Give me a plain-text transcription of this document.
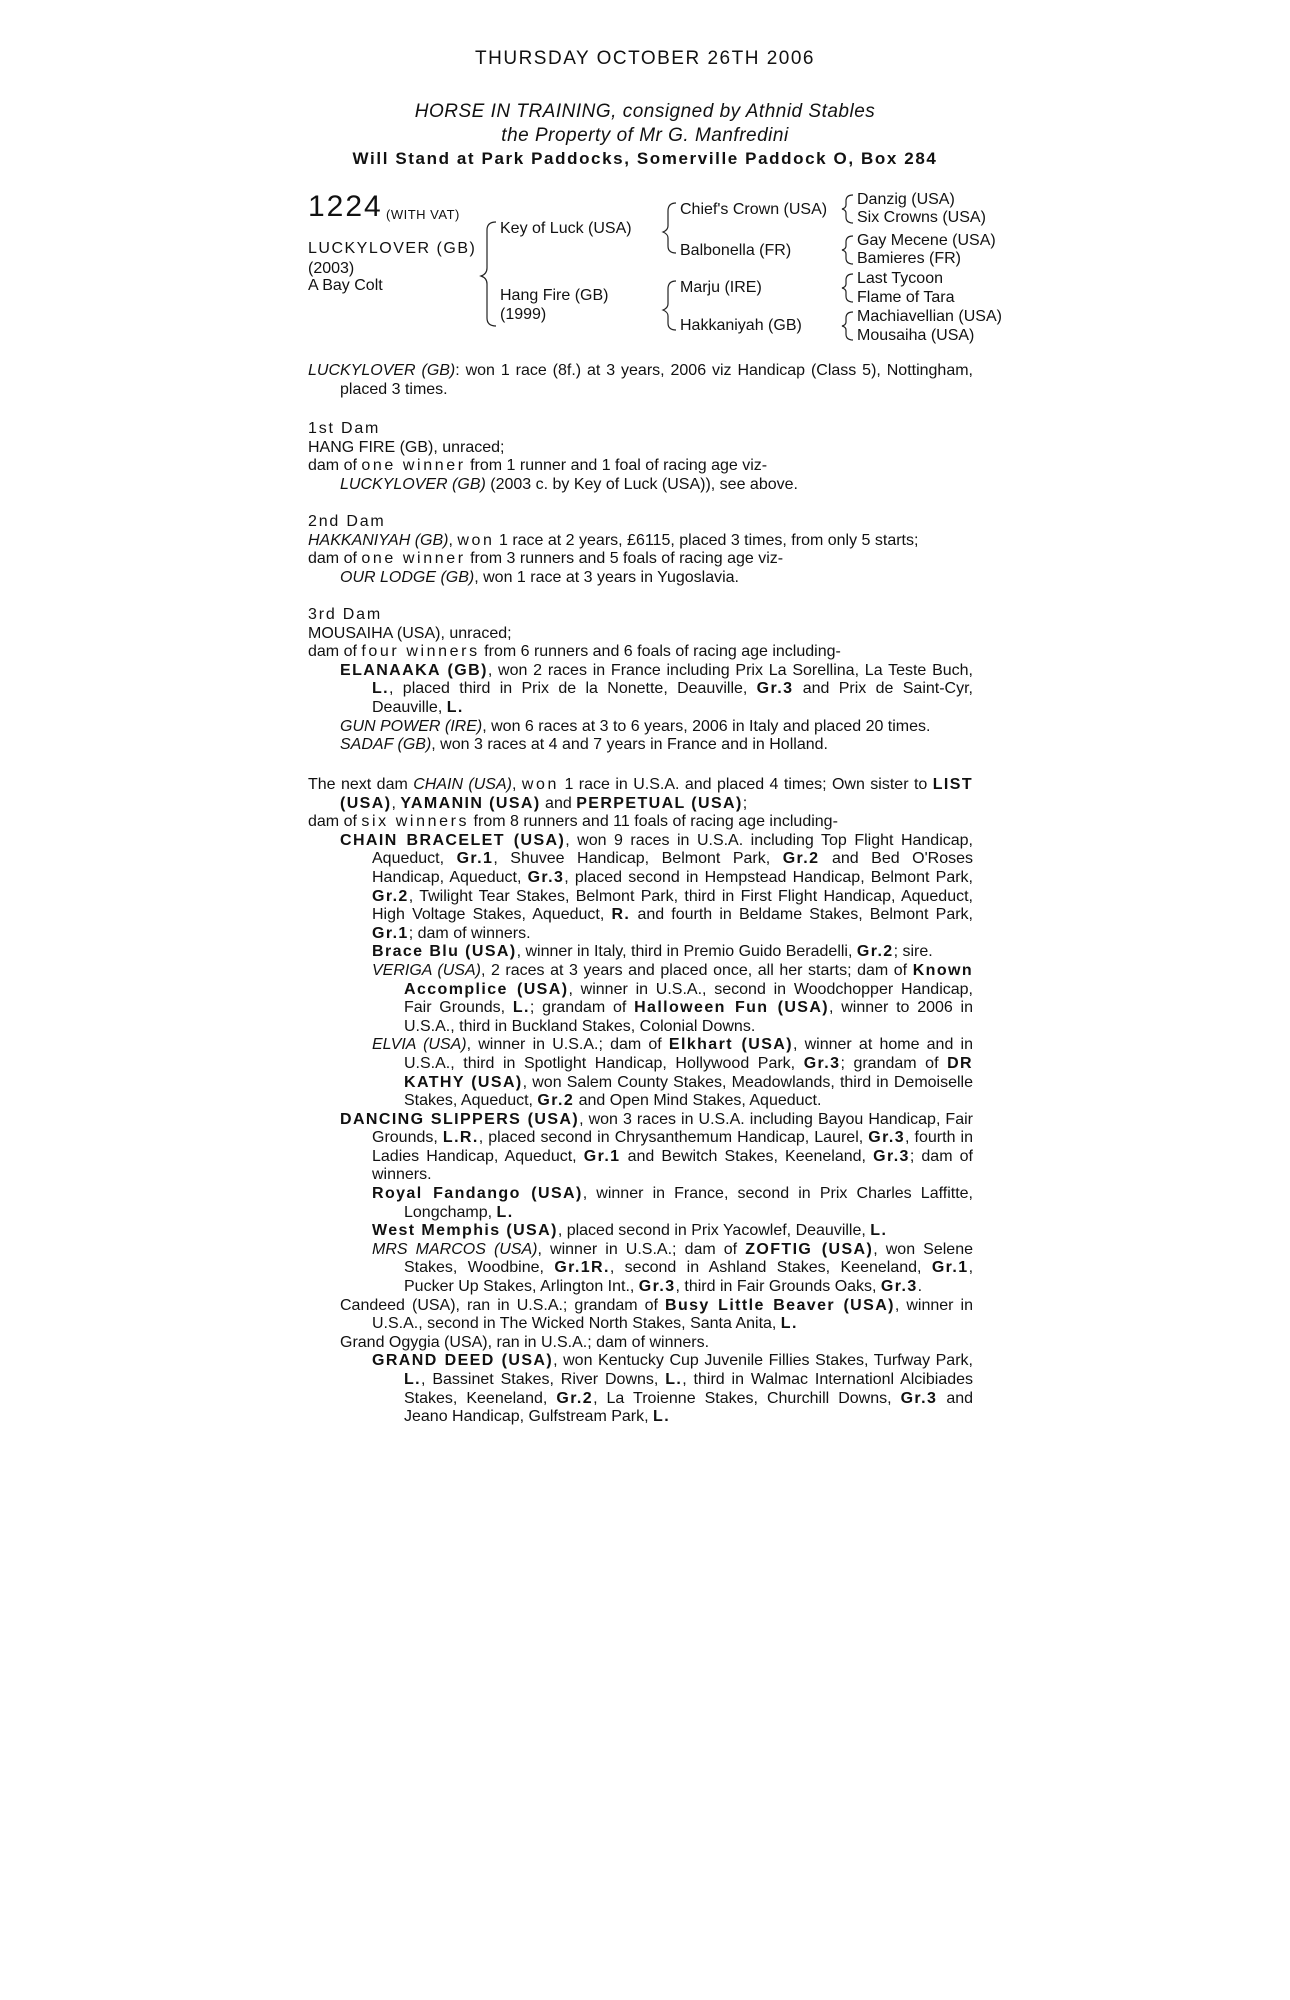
THURSDAY OCTOBER 26TH 2006
HORSE IN TRAINING, consigned by Athnid Stables
the Property of Mr G. Manfredini
Will Stand at Park Paddocks, Somerville Paddock O, Box 284
1224 (WITH VAT)
LUCKYLOVER (GB)
(2003)
A Bay Colt
Key of Luck (USA)
Hang Fire (GB)
(1999)
Chief's Crown (USA)
Balbonella (FR)
Marju (IRE)
Hakkaniyah (GB)
Danzig (USA)
Six Crowns (USA)
Gay Mecene (USA)
Bamieres (FR)
Last Tycoon
Flame of Tara
Machiavellian (USA)
Mousaiha (USA)

LUCKYLOVER (GB): won 1 race (8f.) at 3 years, 2006 viz Handicap (Class 5), Nottingham, placed 3 times.

1st Dam

HANG FIRE (GB), unraced;

dam of one winner from 1 runner and 1 foal of racing age viz-

LUCKYLOVER (GB) (2003 c. by Key of Luck (USA)), see above.

2nd Dam

HAKKANIYAH (GB), won 1 race at 2 years, £6115, placed 3 times, from only 5 starts;

dam of one winner from 3 runners and 5 foals of racing age viz-

OUR LODGE (GB), won 1 race at 3 years in Yugoslavia.

3rd Dam

MOUSAIHA (USA), unraced;

dam of four winners from 6 runners and 6 foals of racing age including-

ELANAAKA (GB), won 2 races in France including Prix La Sorellina, La Teste Buch, L., placed third in Prix de la Nonette, Deauville, Gr.3 and Prix de Saint-Cyr, Deauville, L.

GUN POWER (IRE), won 6 races at 3 to 6 years, 2006 in Italy and placed 20 times.

SADAF (GB), won 3 races at 4 and 7 years in France and in Holland.

The next dam CHAIN (USA), won 1 race in U.S.A. and placed 4 times; Own sister to LIST (USA), YAMANIN (USA) and PERPETUAL (USA);

dam of six winners from 8 runners and 11 foals of racing age including-

CHAIN BRACELET (USA), won 9 races in U.S.A. including Top Flight Handicap, Aqueduct, Gr.1, Shuvee Handicap, Belmont Park, Gr.2 and Bed O'Roses Handicap, Aqueduct, Gr.3, placed second in Hempstead Handicap, Belmont Park, Gr.2, Twilight Tear Stakes, Belmont Park, third in First Flight Handicap, Aqueduct, High Voltage Stakes, Aqueduct, R. and fourth in Beldame Stakes, Belmont Park, Gr.1; dam of winners.

Brace Blu (USA), winner in Italy, third in Premio Guido Beradelli, Gr.2; sire.

VERIGA (USA), 2 races at 3 years and placed once, all her starts; dam of Known Accomplice (USA), winner in U.S.A., second in Woodchopper Handicap, Fair Grounds, L.; grandam of Halloween Fun (USA), winner to 2006 in U.S.A., third in Buckland Stakes, Colonial Downs.

ELVIA (USA), winner in U.S.A.; dam of Elkhart (USA), winner at home and in U.S.A., third in Spotlight Handicap, Hollywood Park, Gr.3; grandam of DR KATHY (USA), won Salem County Stakes, Meadowlands, third in Demoiselle Stakes, Aqueduct, Gr.2 and Open Mind Stakes, Aqueduct.

DANCING SLIPPERS (USA), won 3 races in U.S.A. including Bayou Handicap, Fair Grounds, L.R., placed second in Chrysanthemum Handicap, Laurel, Gr.3, fourth in Ladies Handicap, Aqueduct, Gr.1 and Bewitch Stakes, Keeneland, Gr.3; dam of winners.

Royal Fandango (USA), winner in France, second in Prix Charles Laffitte, Longchamp, L.

West Memphis (USA), placed second in Prix Yacowlef, Deauville, L.

MRS MARCOS (USA), winner in U.S.A.; dam of ZOFTIG (USA), won Selene Stakes, Woodbine, Gr.1R., second in Ashland Stakes, Keeneland, Gr.1, Pucker Up Stakes, Arlington Int., Gr.3, third in Fair Grounds Oaks, Gr.3.

Candeed (USA), ran in U.S.A.; grandam of Busy Little Beaver (USA), winner in U.S.A., second in The Wicked North Stakes, Santa Anita, L.

Grand Ogygia (USA), ran in U.S.A.; dam of winners.

GRAND DEED (USA), won Kentucky Cup Juvenile Fillies Stakes, Turfway Park, L., Bassinet Stakes, River Downs, L., third in Walmac Internationl Alcibiades Stakes, Keeneland, Gr.2, La Troienne Stakes, Churchill Downs, Gr.3 and Jeano Handicap, Gulfstream Park, L.
